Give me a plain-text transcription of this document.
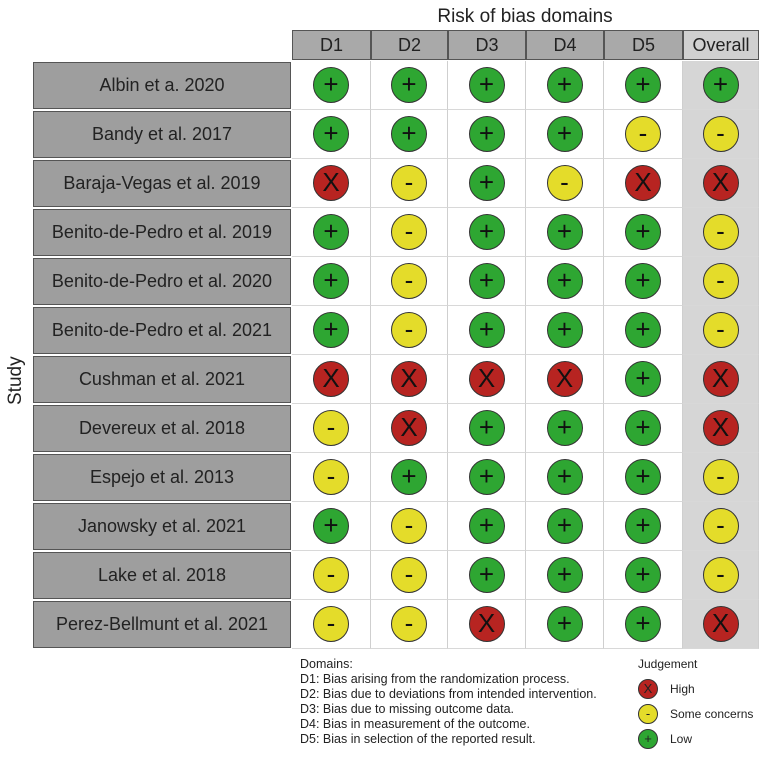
Risk of bias domains
Study
D1	D2	D3	D4	D5	Overall
Albin et a. 2020	+	+	+	+	+	+
Bandy et al. 2017	+	+	+	+	-	-
Baraja-Vegas et al. 2019	X	-	+	-	X	X
Benito-de-Pedro et al. 2019	+	-	+	+	+	-
Benito-de-Pedro et al. 2020	+	-	+	+	+	-
Benito-de-Pedro et al. 2021	+	-	+	+	+	-
Cushman et al. 2021	X	X	X	X	+	X
Devereux et al. 2018	-	X	+	+	+	X
Espejo et al. 2013	-	+	+	+	+	-
Janowsky et al. 2021	+	-	+	+	+	-
Lake et al. 2018	-	-	+	+	+	-
Perez-Bellmunt et al. 2021	-	-	X	+	+	X
Domains:
D1: Bias arising from the randomization process.
D2: Bias due to deviations from intended intervention.
D3: Bias due to missing outcome data.
D4: Bias in measurement of the outcome.
D5: Bias in selection of the reported result.
Judgement
X	High
-	Some concerns
+	Low
